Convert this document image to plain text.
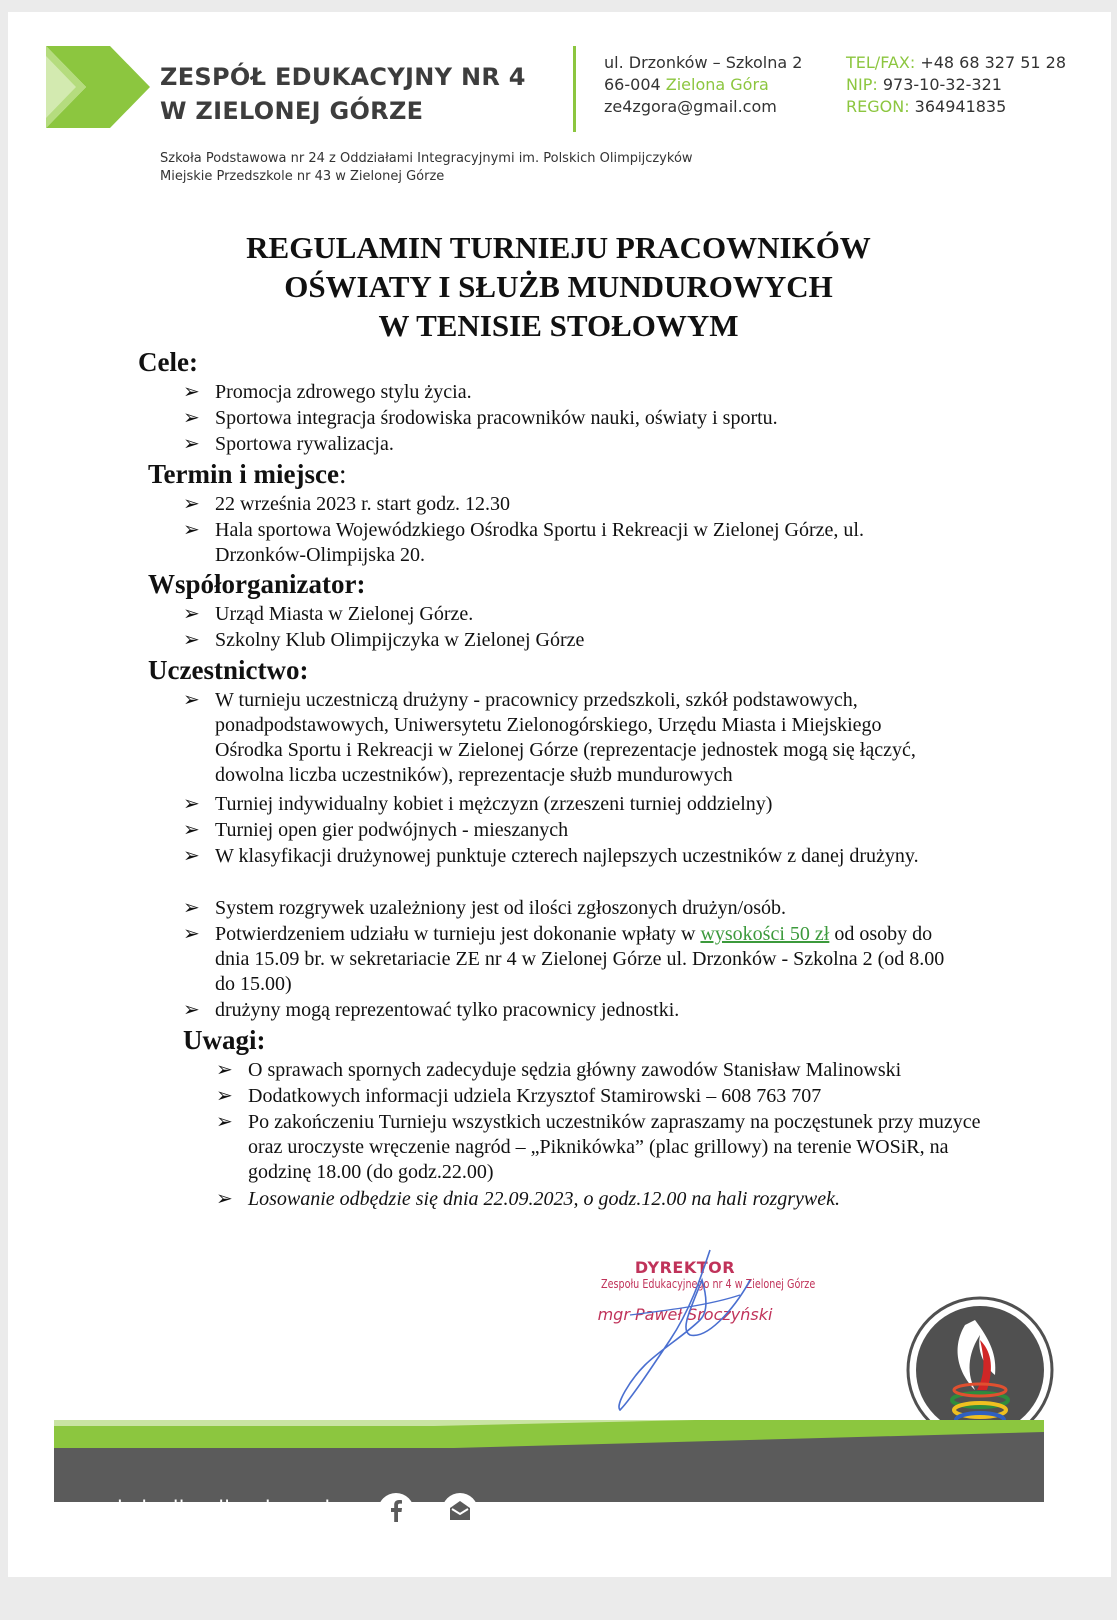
ZESPÓŁ EDUKACYJNY NR 4
W ZIELONEJ GÓRZE
ul. Drzonków – Szkolna 2
66-004 Zielona Góra
ze4zgora@gmail.com
TEL/FAX: +48 68 327 51 28
NIP: 973-10-32-321
REGON: 364941835
Szkoła Podstawowa nr 24 z Oddziałami Integracyjnymi im. Polskich Olimpijczyków
Miejskie Przedszkole nr 43 w Zielonej Górze
REGULAMIN TURNIEJU PRACOWNIKÓW
OŚWIATY I SŁUŻB MUNDUROWYCH
W TENISIE STOŁOWYM
Cele:
➢ Promocja zdrowego stylu życia.
➢ Sportowa integracja środowiska pracowników nauki, oświaty i sportu.
➢ Sportowa rywalizacja.
Termin i miejsce:
➢ 22 września 2023 r. start godz. 12.30
➢ Hala sportowa Wojewódzkiego Ośrodka Sportu i Rekreacji w Zielonej Górze, ul. Drzonków-Olimpijska 20.
Współorganizator:
➢ Urząd Miasta w Zielonej Górze.
➢ Szkolny Klub Olimpijczyka w Zielonej Górze
Uczestnictwo:
➢ W turnieju uczestniczą drużyny - pracownicy przedszkoli, szkół podstawowych, ponadpodstawowych, Uniwersytetu Zielonogórskiego, Urzędu Miasta i Miejskiego Ośrodka Sportu i Rekreacji w Zielonej Górze (reprezentacje jednostek mogą się łączyć, dowolna liczba uczestników), reprezentacje służb mundurowych
➢ Turniej indywidualny kobiet i mężczyzn (zrzeszeni turniej oddzielny)
➢ Turniej open gier podwójnych - mieszanych
➢ W klasyfikacji drużynowej punktuje czterech najlepszych uczestników z danej drużyny.
➢ System rozgrywek uzależniony jest od ilości zgłoszonych drużyn/osób.
➢ Potwierdzeniem udziału w turnieju jest dokonanie wpłaty w wysokości 50 zł od osoby do dnia 15.09 br. w sekretariacie ZE nr 4 w Zielonej Górze ul. Drzonków - Szkolna 2 (od 8.00 do 15.00)
➢ drużyny mogą reprezentować tylko pracownicy jednostki.
Uwagi:
➢ O sprawach spornych zadecyduje sędzia główny zawodów Stanisław Malinowski
➢ Dodatkowych informacji udziela Krzysztof Stamirowski – 608 763 707
➢ Po zakończeniu Turnieju wszystkich uczestników zapraszamy na poczęstunek przy muzyce oraz uroczyste wręczenie nagród – „Piknikówka” (plac grillowy) na terenie WOSiR, na godzinę 18.00 (do godz.22.00)
➢ Losowanie odbędzie się dnia 22.09.2023, o godz.12.00 na hali rozgrywek.
DYREKTOR
Zespołu Edukacyjnego nr 4 w Zielonej Górze
mgr Paweł Sroczyński
szkolaolimpijczykow.pl
